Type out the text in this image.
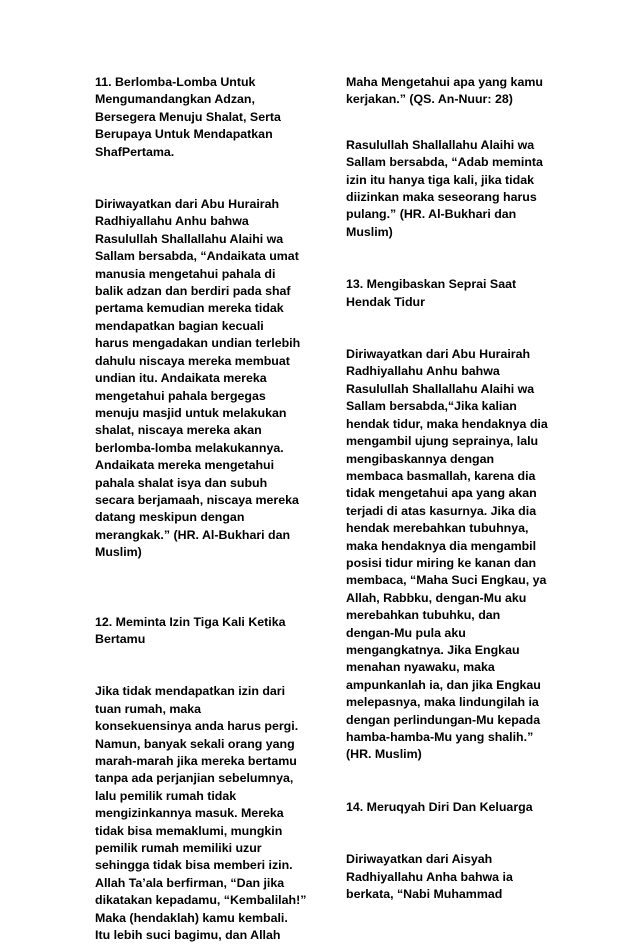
11. Berlomba-Lomba Untuk
Mengumandangkan Adzan,
Bersegera Menuju Shalat, Serta
Berupaya Untuk Mendapatkan
ShafPertama.

Diriwayatkan dari Abu Hurairah
Radhiyallahu Anhu bahwa
Rasulullah Shallallahu Alaihi wa
Sallam bersabda, “Andaikata umat
manusia mengetahui pahala di
balik adzan dan berdiri pada shaf
pertama kemudian mereka tidak
mendapatkan bagian kecuali
harus mengadakan undian terlebih
dahulu niscaya mereka membuat
undian itu. Andaikata mereka
mengetahui pahala bergegas
menuju masjid untuk melakukan
shalat, niscaya mereka akan
berlomba-lomba melakukannya.
Andaikata mereka mengetahui
pahala shalat isya dan subuh
secara berjamaah, niscaya mereka
datang meskipun dengan
merangkak.” (HR. Al-Bukhari dan
Muslim)

12. Meminta Izin Tiga Kali Ketika
Bertamu

Jika tidak mendapatkan izin dari
tuan rumah, maka
konsekuensinya anda harus pergi.
Namun, banyak sekali orang yang
marah-marah jika mereka bertamu
tanpa ada perjanjian sebelumnya,
lalu pemilik rumah tidak
mengizinkannya masuk. Mereka
tidak bisa memaklumi, mungkin
pemilik rumah memiliki uzur
sehingga tidak bisa memberi izin.
Allah Ta’ala berfirman, “Dan jika
dikatakan kepadamu, “Kembalilah!”
Maka (hendaklah) kamu kembali.
Itu lebih suci bagimu, dan Allah

Maha Mengetahui apa yang kamu
kerjakan.” (QS. An-Nuur: 28)

Rasulullah Shallallahu Alaihi wa
Sallam bersabda, “Adab meminta
izin itu hanya tiga kali, jika tidak
diizinkan maka seseorang harus
pulang.” (HR. Al-Bukhari dan
Muslim)

13. Mengibaskan Seprai Saat
Hendak Tidur

Diriwayatkan dari Abu Hurairah
Radhiyallahu Anhu bahwa
Rasulullah Shallallahu Alaihi wa
Sallam bersabda,“Jika kalian
hendak tidur, maka hendaknya dia
mengambil ujung seprainya, lalu
mengibaskannya dengan
membaca basmallah, karena dia
tidak mengetahui apa yang akan
terjadi di atas kasurnya. Jika dia
hendak merebahkan tubuhnya,
maka hendaknya dia mengambil
posisi tidur miring ke kanan dan
membaca, “Maha Suci Engkau, ya
Allah, Rabbku, dengan-Mu aku
merebahkan tubuhku, dan
dengan-Mu pula aku
mengangkatnya. Jika Engkau
menahan nyawaku, maka
ampunkanlah ia, dan jika Engkau
melepasnya, maka lindungilah ia
dengan perlindungan-Mu kepada
hamba-hamba-Mu yang shalih.”
(HR. Muslim)

14. Meruqyah Diri Dan Keluarga

Diriwayatkan dari Aisyah
Radhiyallahu Anha bahwa ia
berkata, “Nabi Muhammad
